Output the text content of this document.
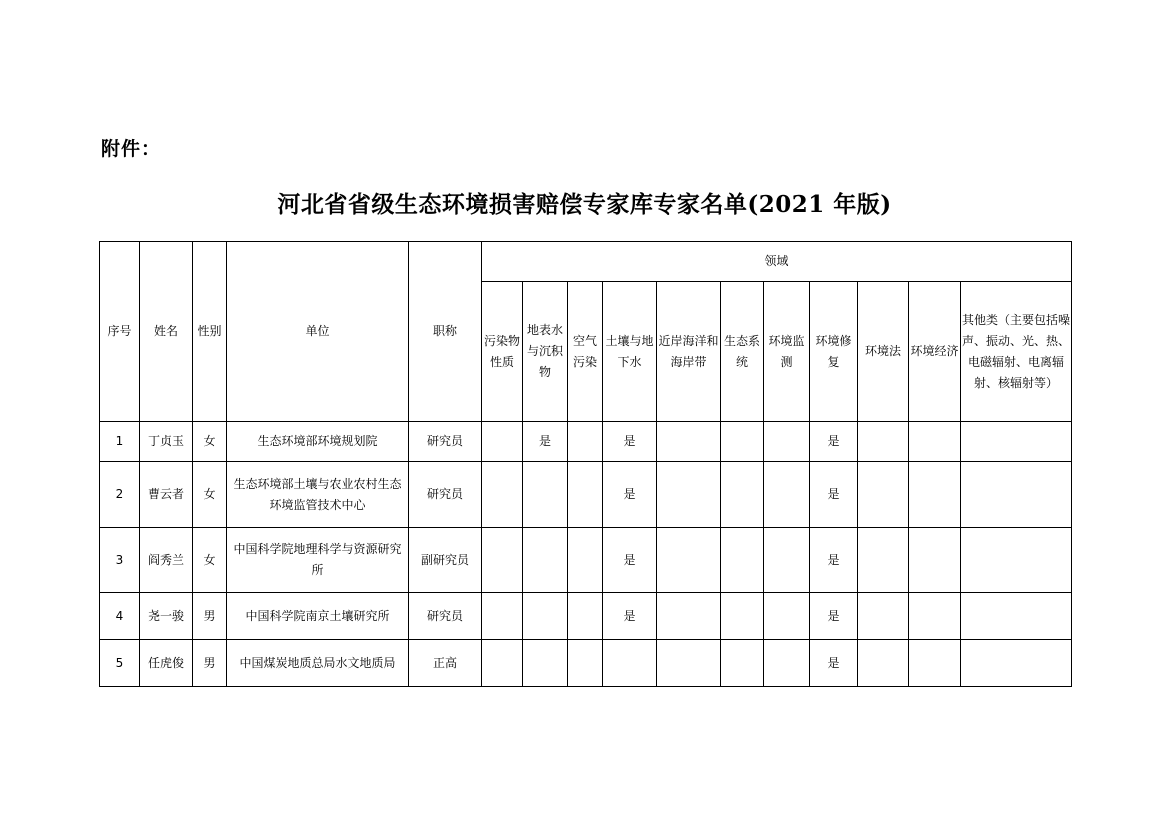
附件：
河北省省级生态环境损害赔偿专家库专家名单(2021 年版)
序号	姓名	性别	单位	职称	领域										
					污染物性质	地表水与沉积物	空气污染	土壤与地下水	近岸海洋和海岸带	生态系统	环境监测	环境修复	环境法	环境经济	其他类（主要包括噪声、振动、光、热、电磁辐射、电离辐射、核辐射等）
1	丁贞玉	女	生态环境部环境规划院	研究员		是		是				是			
2	曹云者	女	生态环境部土壤与农业农村生态环境监管技术中心	研究员				是				是			
3	阎秀兰	女	中国科学院地理科学与资源研究所	副研究员				是				是			
4	尧一骏	男	中国科学院南京土壤研究所	研究员				是				是			
5	任虎俊	男	中国煤炭地质总局水文地质局	正高								是			
